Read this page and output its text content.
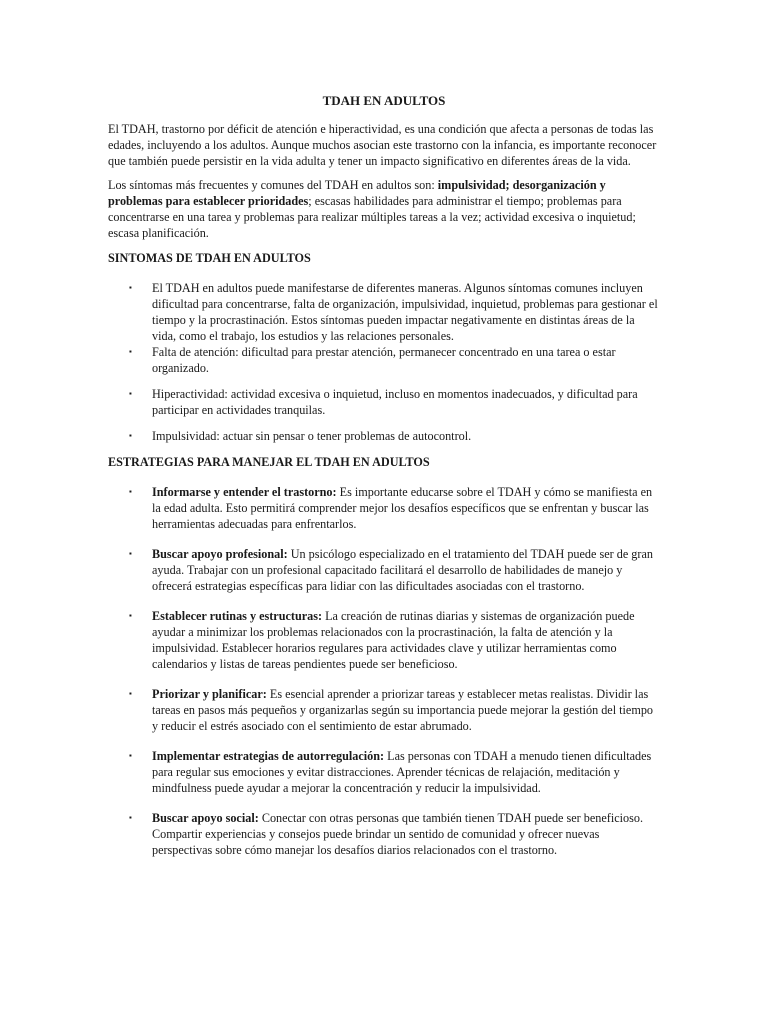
TDAH EN ADULTOS

El TDAH, trastorno por déficit de atención e hiperactividad, es una condición que afecta a personas de todas las edades, incluyendo a los adultos. Aunque muchos asocian este trastorno con la infancia, es importante reconocer que también puede persistir en la vida adulta y tener un impacto significativo en diferentes áreas de la vida.

Los síntomas más frecuentes y comunes del TDAH en adultos son: impulsividad; desorganización y problemas para establecer prioridades; escasas habilidades para administrar el tiempo; problemas para concentrarse en una tarea y problemas para realizar múltiples tareas a la vez; actividad excesiva o inquietud; escasa planificación.

SINTOMAS DE TDAH EN ADULTOS
▪ El TDAH en adultos puede manifestarse de diferentes maneras. Algunos síntomas comunes incluyen dificultad para concentrarse, falta de organización, impulsividad, inquietud, problemas para gestionar el tiempo y la procrastinación. Estos síntomas pueden impactar negativamente en distintas áreas de la vida, como el trabajo, los estudios y las relaciones personales.
▪ Falta de atención: dificultad para prestar atención, permanecer concentrado en una tarea o estar organizado.
▪ Hiperactividad: actividad excesiva o inquietud, incluso en momentos inadecuados, y dificultad para participar en actividades tranquilas.
▪ Impulsividad: actuar sin pensar o tener problemas de autocontrol.
ESTRATEGIAS PARA MANEJAR EL TDAH EN ADULTOS
▪ Informarse y entender el trastorno: Es importante educarse sobre el TDAH y cómo se manifiesta en la edad adulta. Esto permitirá comprender mejor los desafíos específicos que se enfrentan y buscar las herramientas adecuadas para enfrentarlos.
▪ Buscar apoyo profesional: Un psicólogo especializado en el tratamiento del TDAH puede ser de gran ayuda. Trabajar con un profesional capacitado facilitará el desarrollo de habilidades de manejo y ofrecerá estrategias específicas para lidiar con las dificultades asociadas con el trastorno.
▪ Establecer rutinas y estructuras: La creación de rutinas diarias y sistemas de organización puede ayudar a minimizar los problemas relacionados con la procrastinación, la falta de atención y la impulsividad. Establecer horarios regulares para actividades clave y utilizar herramientas como calendarios y listas de tareas pendientes puede ser beneficioso.
▪ Priorizar y planificar: Es esencial aprender a priorizar tareas y establecer metas realistas. Dividir las tareas en pasos más pequeños y organizarlas según su importancia puede mejorar la gestión del tiempo y reducir el estrés asociado con el sentimiento de estar abrumado.
▪ Implementar estrategias de autorregulación: Las personas con TDAH a menudo tienen dificultades para regular sus emociones y evitar distracciones. Aprender técnicas de relajación, meditación y mindfulness puede ayudar a mejorar la concentración y reducir la impulsividad.
▪ Buscar apoyo social: Conectar con otras personas que también tienen TDAH puede ser beneficioso. Compartir experiencias y consejos puede brindar un sentido de comunidad y ofrecer nuevas perspectivas sobre cómo manejar los desafíos diarios relacionados con el trastorno.
